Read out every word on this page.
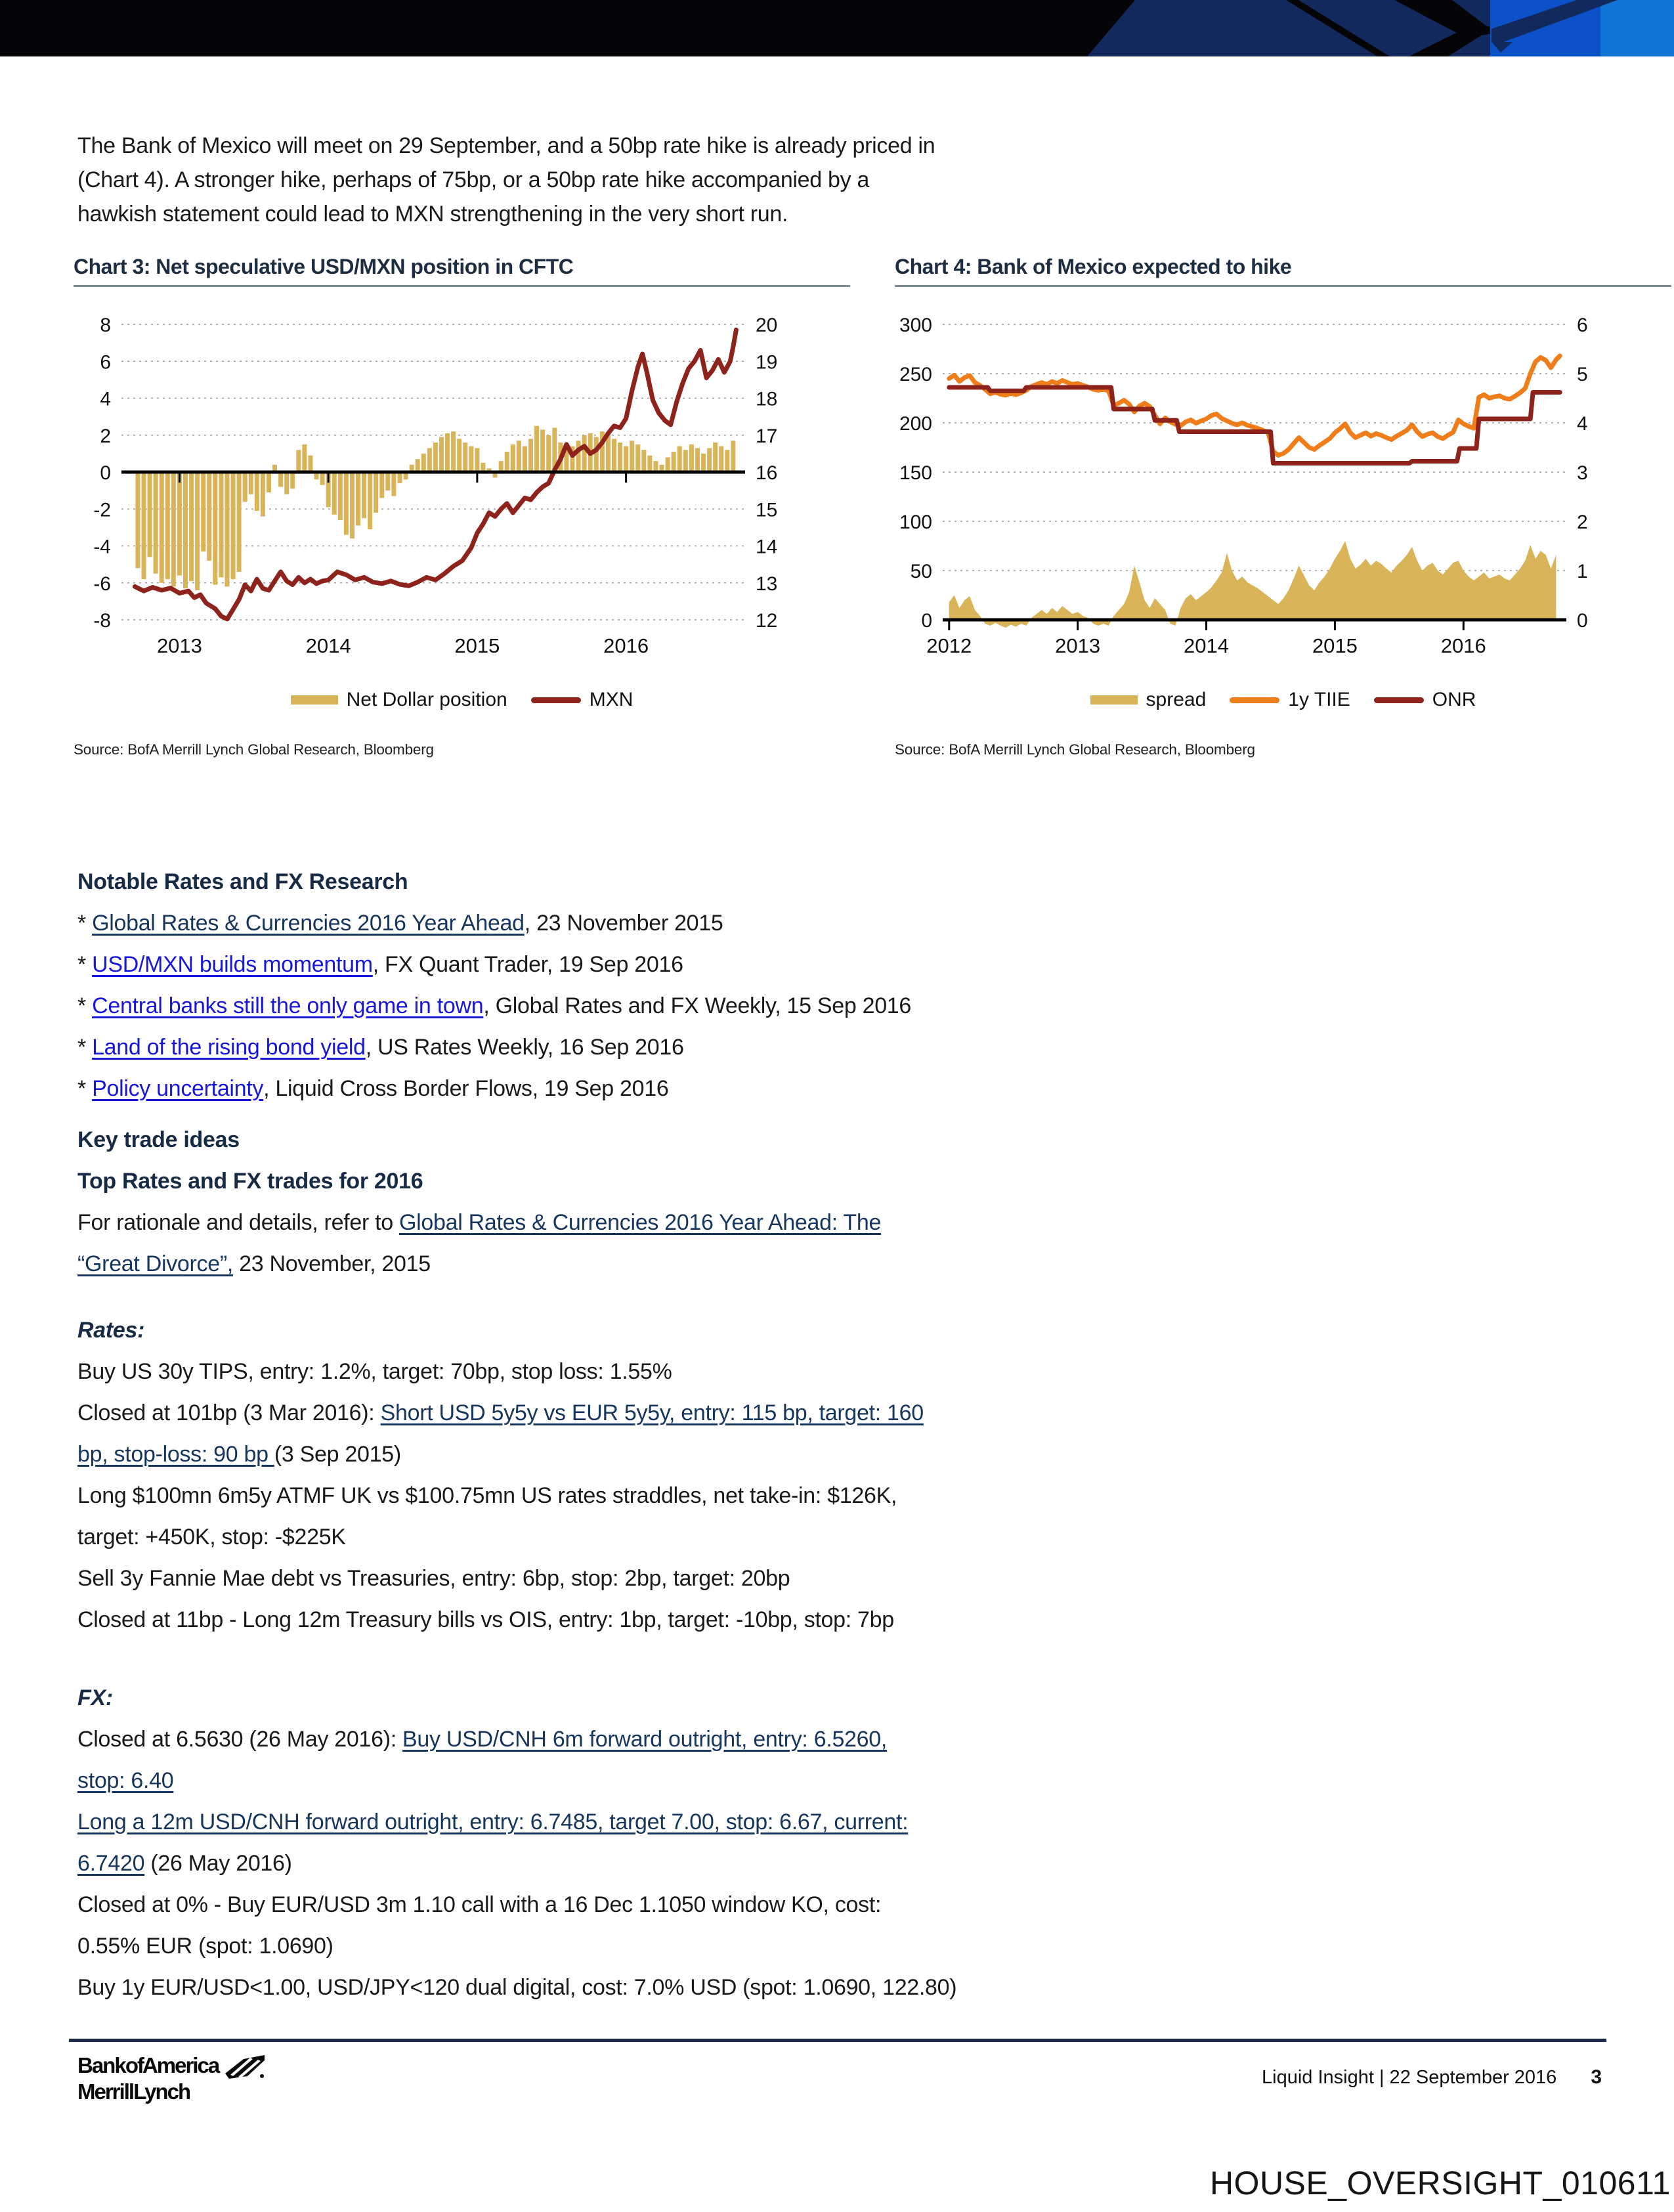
The Bank of Mexico will meet on 29 September, and a 50bp rate hike is already priced in
(Chart 4). A stronger hike, perhaps of 75bp, or a 50bp rate hike accompanied by a
hawkish statement could lead to MXN strengthening in the very short run.
Chart 3: Net speculative USD/MXN position in CFTC
-8	12
-6	13
-4	14
-2	15
0	16
2	17
4	18
6	19
8	20
2013	2014	2015	2016
Net Dollar position	MXN
Source: BofA Merrill Lynch Global Research, Bloomberg
Chart 4: Bank of Mexico expected to hike
0	0
50	1
100	2
150	3
200	4
250	5
300	6
2012	2013	2014	2015	2016
spread	1y TIIE	ONR
Source: BofA Merrill Lynch Global Research, Bloomberg
Notable Rates and FX Research
* Global Rates & Currencies 2016 Year Ahead , 23 November 2015
* USD/MXN builds momentum , FX Quant Trader, 19 Sep 2016
* Central banks still the only game in town , Global Rates and FX Weekly, 15 Sep 2016
* Land of the rising bond yield , US Rates Weekly, 16 Sep 2016
* Policy uncertainty , Liquid Cross Border Flows, 19 Sep 2016
Key trade ideas
Top Rates and FX trades for 2016
For rationale and details, refer to Global Rates & Currencies 2016 Year Ahead: The
“Great Divorce”, 23 November, 2015
Rates:
Buy US 30y TIPS, entry: 1.2%, target: 70bp, stop loss: 1.55%
Closed at 101bp (3 Mar 2016): Short USD 5y5y vs EUR 5y5y, entry: 115 bp, target: 160
bp, stop-loss: 90 bp (3 Sep 2015)
Long $100mn 6m5y ATMF UK vs $100.75mn US rates straddles, net take-in: $126K,
target: +450K, stop: -$225K
Sell 3y Fannie Mae debt vs Treasuries, entry: 6bp, stop: 2bp, target: 20bp
Closed at 11bp - Long 12m Treasury bills vs OIS, entry: 1bp, target: -10bp, stop: 7bp
FX:
Closed at 6.5630 (26 May 2016): Buy USD/CNH 6m forward outright, entry: 6.5260,
stop: 6.40
Long a 12m USD/CNH forward outright, entry: 6.7485, target 7.00, stop: 6.67, current:
6.7420 (26 May 2016)
Closed at 0% - Buy EUR/USD 3m 1.10 call with a 16 Dec 1.1050 window KO, cost:
0.55% EUR (spot: 1.0690)
Buy 1y EUR/USD<1.00, USD/JPY<120 dual digital, cost: 7.0% USD (spot: 1.0690, 122.80)
Bank of America
Merrill Lynch
Liquid Insight | 22 September 2016 3
HOUSE_OVERSIGHT_010611
